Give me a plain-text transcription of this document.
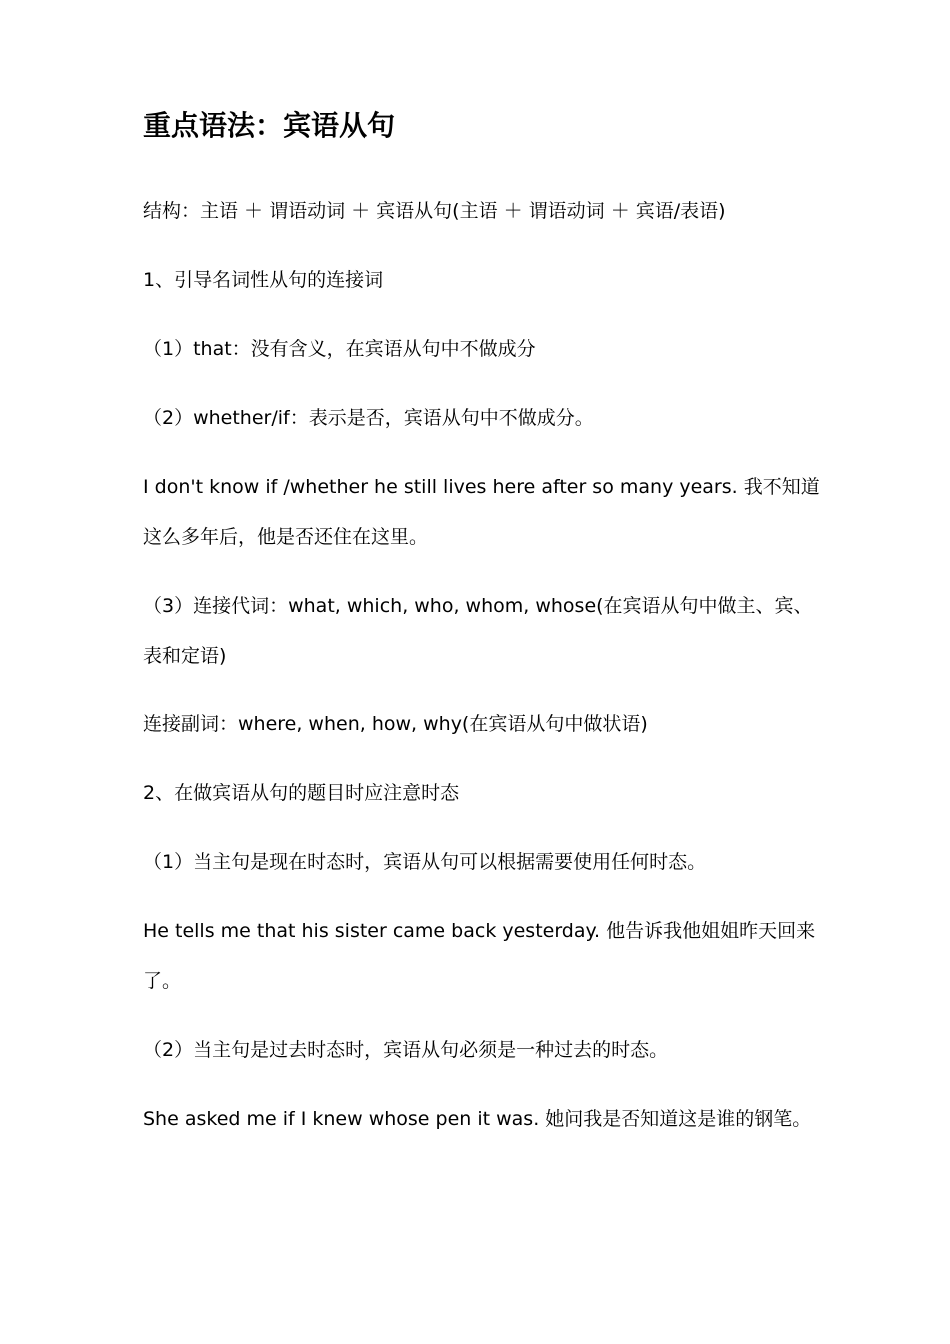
重点语法：宾语从句
结构：主语 ＋ 谓语动词 ＋ 宾语从句(主语 ＋ 谓语动词 ＋ 宾语/表语)
1、引导名词性从句的连接词
（1）that：没有含义，在宾语从句中不做成分
（2）whether/if：表示是否，宾语从句中不做成分。
I don't know if /whether he still lives here after so many years. 我不知道
这么多年后，他是否还住在这里。
（3）连接代词：what, which, who, whom, whose(在宾语从句中做主、宾、
表和定语)
连接副词：where, when, how, why(在宾语从句中做状语)
2、在做宾语从句的题目时应注意时态
（1）当主句是现在时态时，宾语从句可以根据需要使用任何时态。
He tells me that his sister came back yesterday. 他告诉我他姐姐昨天回来
了。
（2）当主句是过去时态时，宾语从句必须是一种过去的时态。
She asked me if I knew whose pen it was. 她问我是否知道这是谁的钢笔。
